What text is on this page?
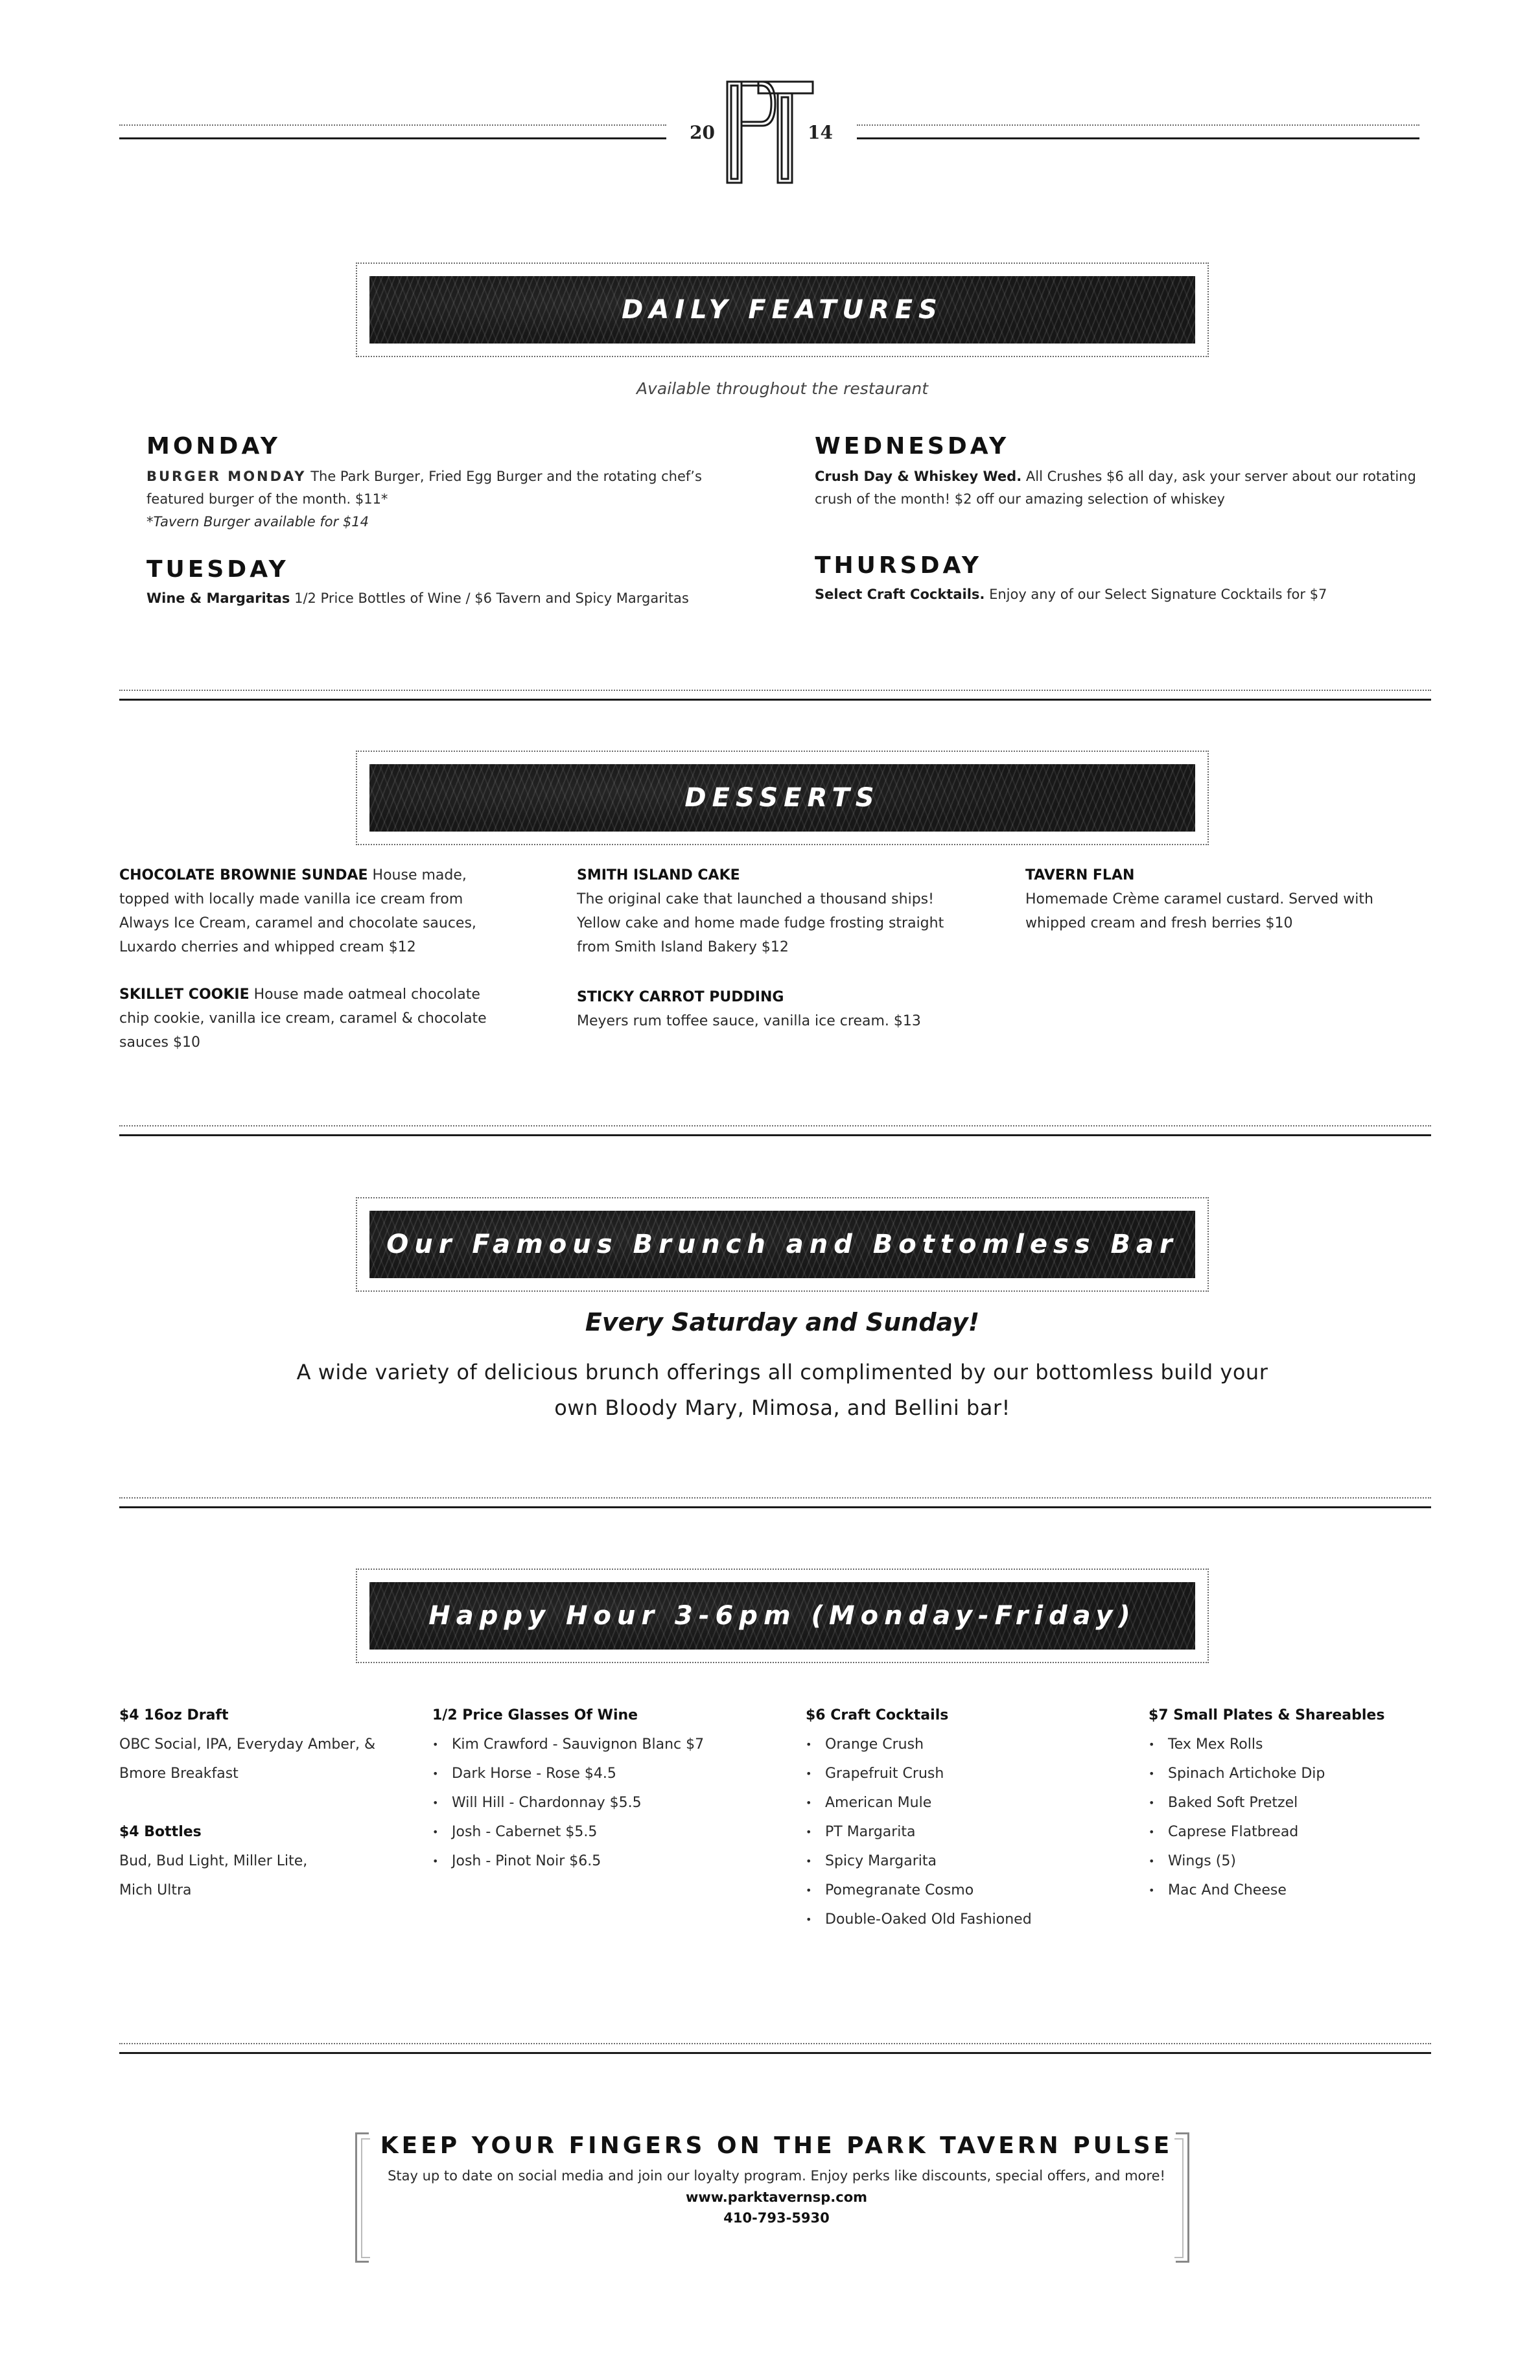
20	14
DAILY FEATURES
Available throughout the restaurant
MONDAY
BURGER MONDAY The Park Burger, Fried Egg Burger and the rotating chef’s
featured burger of the month. $11*
*Tavern Burger available for $14
TUESDAY
Wine & Margaritas 1/2 Price Bottles of Wine / $6 Tavern and Spicy Margaritas
WEDNESDAY
Crush Day & Whiskey Wed. All Crushes $6 all day, ask your server about our rotating
crush of the month! $2 off our amazing selection of whiskey
THURSDAY
Select Craft Cocktails. Enjoy any of our Select Signature Cocktails for $7
DESSERTS
CHOCOLATE BROWNIE SUNDAE House made,
topped with locally made vanilla ice cream from
Always Ice Cream, caramel and chocolate sauces,
Luxardo cherries and whipped cream $12
SKILLET COOKIE House made oatmeal chocolate
chip cookie, vanilla ice cream, caramel & chocolate
sauces $10
SMITH ISLAND CAKE
The original cake that launched a thousand ships!
Yellow cake and home made fudge frosting straight
from Smith Island Bakery $12
STICKY CARROT PUDDING
Meyers rum toffee sauce, vanilla ice cream. $13
TAVERN FLAN
Homemade Crème caramel custard. Served with
whipped cream and fresh berries $10
Our Famous Brunch and Bottomless Bar
Every Saturday and Sunday!
A wide variety of delicious brunch offerings all complimented by our bottomless build your
own Bloody Mary, Mimosa, and Bellini bar!
Happy Hour 3-6pm (Monday-Friday)
$4 16oz Draft
OBC Social, IPA, Everyday Amber, &
Bmore Breakfast
$4 Bottles
Bud, Bud Light, Miller Lite,
Mich Ultra
1/2 Price Glasses Of Wine
• Kim Crawford - Sauvignon Blanc $7
• Dark Horse - Rose $4.5
• Will Hill - Chardonnay $5.5
• Josh - Cabernet $5.5
• Josh - Pinot Noir $6.5
$6 Craft Cocktails
• Orange Crush
• Grapefruit Crush
• American Mule
• PT Margarita
• Spicy Margarita
• Pomegranate Cosmo
• Double-Oaked Old Fashioned
$7 Small Plates & Shareables
• Tex Mex Rolls
• Spinach Artichoke Dip
• Baked Soft Pretzel
• Caprese Flatbread
• Wings (5)
• Mac And Cheese
KEEP YOUR FINGERS ON THE PARK TAVERN PULSE
Stay up to date on social media and join our loyalty program. Enjoy perks like discounts, special offers, and more!
www.parktavernsp.com
410-793-5930
